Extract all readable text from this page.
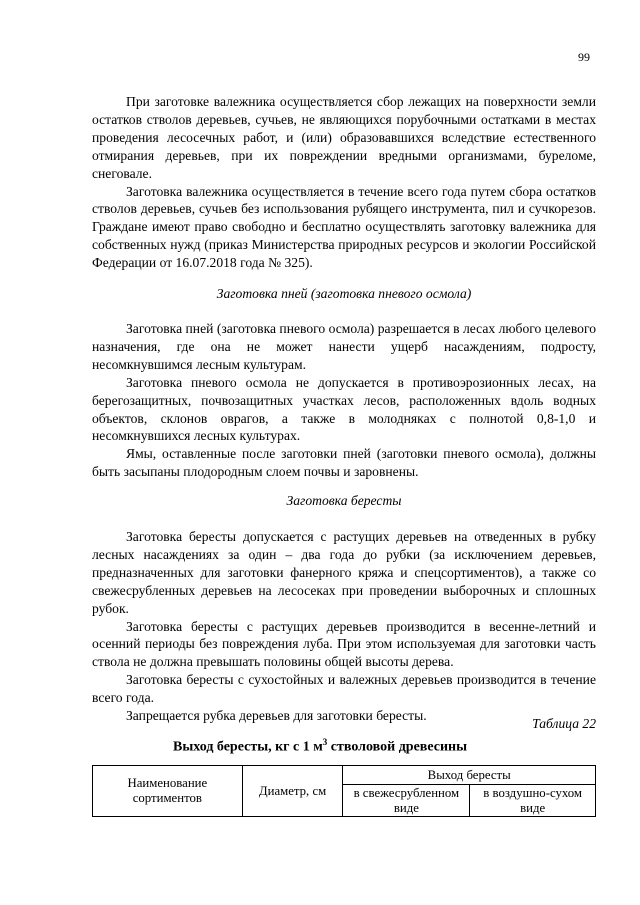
99

При заготовке валежника осуществляется сбор лежащих на поверхности земли остатков стволов деревьев, сучьев, не являющихся порубочными остатками в местах проведения лесосечных работ, и (или) образовавшихся вследствие естественного отмирания деревьев, при их повреждении вредными организмами, буреломе, снеговале.

Заготовка валежника осуществляется в течение всего года путем сбора остатков стволов деревьев, сучьев без использования рубящего инструмента, пил и сучкорезов. Граждане имеют право свободно и бесплатно осуществлять заготовку валежника для собственных нужд (приказ Министерства природных ресурсов и экологии Российской Федерации от 16.07.2018 года № 325).

Заготовка пней (заготовка пневого осмола)

Заготовка пней (заготовка пневого осмола) разрешается в лесах любого целевого назначения, где она не может нанести ущерб насаждениям, подросту, несомкнувшимся лесным культурам.

Заготовка пневого осмола не допускается в противоэрозионных лесах, на берегозащитных, почвозащитных участках лесов, расположенных вдоль водных объектов, склонов оврагов, а также в молодняках с полнотой 0,8-1,0 и несомкнувшихся лесных культурах.

Ямы, оставленные после заготовки пней (заготовки пневого осмола), должны быть засыпаны плодородным слоем почвы и заровнены.

Заготовка бересты

Заготовка бересты допускается с растущих деревьев на отведенных в рубку лесных насаждениях за один – два года до рубки (за исключением деревьев, предназначенных для заготовки фанерного кряжа и спецсортиментов), а также со свежесрубленных деревьев на лесосеках при проведении выборочных и сплошных рубок.

Заготовка бересты с растущих деревьев производится в весенне-летний и осенний периоды без повреждения луба. При этом используемая для заготовки часть ствола не должна превышать половины общей высоты дерева.

Заготовка бересты с сухостойных и валежных деревьев производится в течение всего года.

Запрещается рубка деревьев для заготовки бересты.

Таблица 22
Выход бересты, кг с 1 $м^3$ стволовой древесины
Наименование сортиментов	Диаметр, см	Выход бересты	
		в свежесрубленном виде	в воздушно-сухом виде
